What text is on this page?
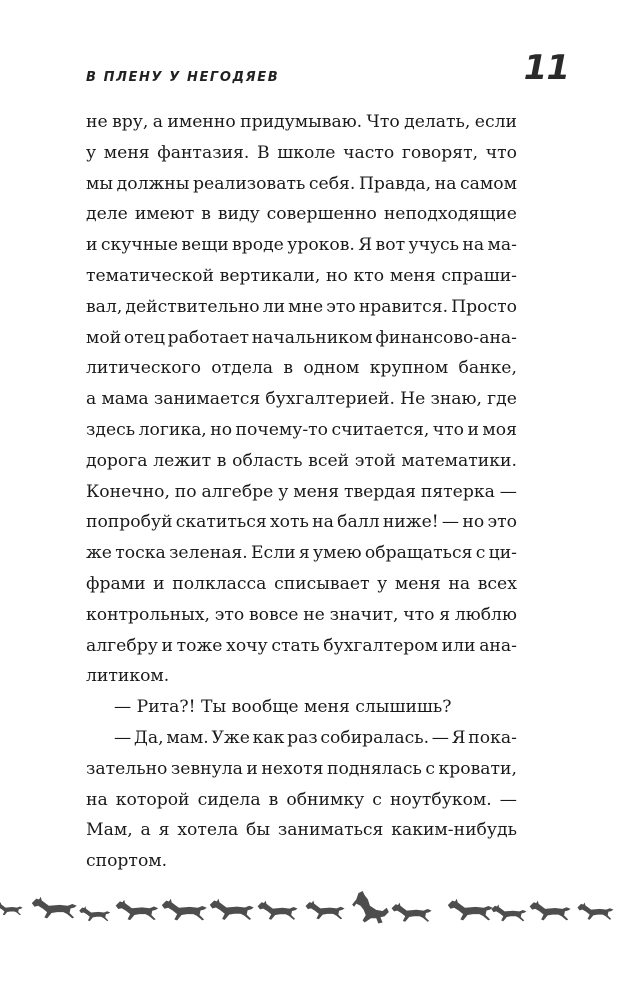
В ПЛЕНУ У НЕГОДЯЕВ	11
не вру, а именно придумываю. Что делать, если
у меня фантазия. В школе часто говорят, что
мы должны реализовать себя. Правда, на самом
деле имеют в виду совершенно неподходящие
и скучные вещи вроде уроков. Я вот учусь на ма-
тематической вертикали, но кто меня спраши-
вал, действительно ли мне это нравится. Просто
мой отец работает начальником финансово-ана-
литического отдела в одном крупном банке,
а мама занимается бухгалтерией. Не знаю, где
здесь логика, но почему-то считается, что и моя
дорога лежит в область всей этой математики.
Конечно, по алгебре у меня твердая пятерка —
попробуй скатиться хоть на балл ниже! — но это
же тоска зеленая. Если я умею обращаться с ци-
фрами и полкласса списывает у меня на всех
контрольных, это вовсе не значит, что я люблю
алгебру и тоже хочу стать бухгалтером или ана-
литиком.
— Рита?! Ты вообще меня слышишь?
— Да, мам. Уже как раз собиралась. — Я пока-
зательно зевнула и нехотя поднялась с кровати,
на которой сидела в обнимку с ноутбуком. —
Мам, а я хотела бы заниматься каким-нибудь
спортом.
